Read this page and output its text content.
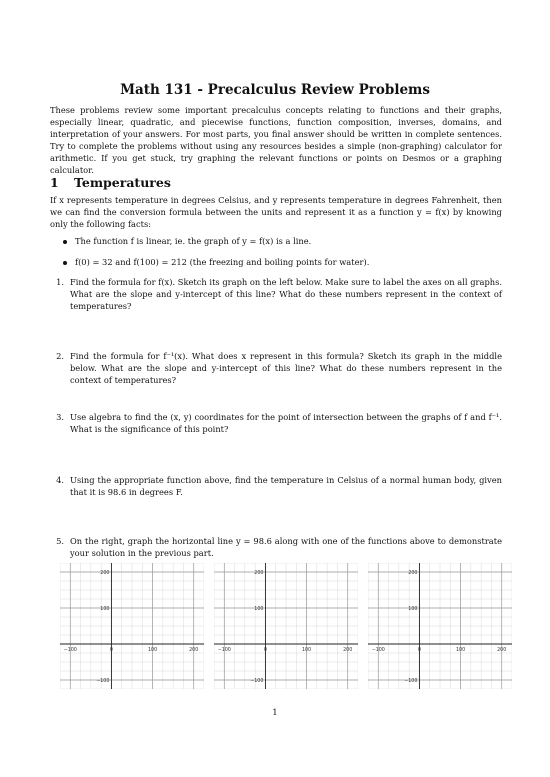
Math 131 - Precalculus Review Problems
These problems review some important precalculus concepts relating to functions and their graphs, especially linear, quadratic, and piecewise functions, function composition, inverses, domains, and interpretation of your answers. For most parts, you final answer should be written in complete sentences. Try to complete the problems without using any resources besides a simple (non-graphing) calculator for arithmetic. If you get stuck, try graphing the relevant functions or points on Desmos or a graphing calculator.
1 Temperatures
If x represents temperature in degrees Celsius, and y represents temperature in degrees Fahrenheit, then we can find the conversion formula between the units and represent it as a function y = f(x) by knowing only the following facts:
The function f is linear, ie. the graph of y = f(x) is a line.
f(0) = 32 and f(100) = 212 (the freezing and boiling points for water).
1. Find the formula for f(x). Sketch its graph on the left below. Make sure to label the axes on all graphs. What are the slope and y-intercept of this line? What do these numbers represent in the context of temperatures?
2. Find the formula for f⁻¹(x). What does x represent in this formula? Sketch its graph in the middle below. What are the slope and y-intercept of this line? What do these numbers represent in the context of temperatures?
3. Use algebra to find the (x, y) coordinates for the point of intersection between the graphs of f and f⁻¹. What is the significance of this point?
4. Using the appropriate function above, find the temperature in Celsius of a normal human body, given that it is 98.6 in degrees F.
5. On the right, graph the horizontal line y = 98.6 along with one of the functions above to demonstrate your solution in the previous part.
−100	0	100	200
200
100
−100
−100	0	100	200
200
100
−100
−100	0	100	200
200
100
−100
1
